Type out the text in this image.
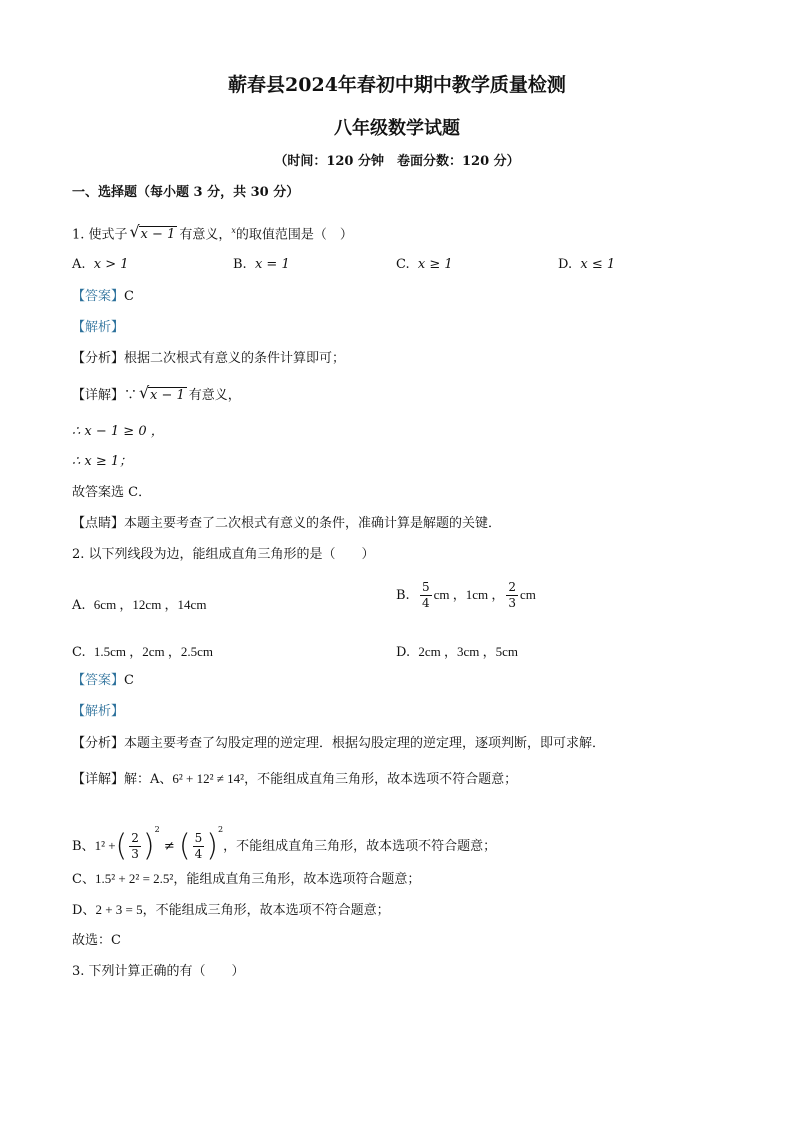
蕲春县2024年春初中期中教学质量检测
八年级数学试题
（时间：120 分钟　卷面分数：120 分）
一、选择题（每小题 3 分，共 30 分）
1. 使式子 √ x − 1 有意义，$^x$的取值范围是（　）
A. x > 1	B. x = 1	C. x ≥ 1	D. x ≤ 1
【答案】C
【解析】
【分析】根据二次根式有意义的条件计算即可；
【详解】∵ √ x − 1 有意义，
∴ x − 1 ≥ 0 ，
∴ x ≥ 1；
故答案选 C．
【点睛】本题主要考查了二次根式有意义的条件，准确计算是解题的关键．
2. 以下列线段为边，能组成直角三角形的是（　　）
A. 6cm ，12cm ，14cm
B. $\frac{5}{4}$ cm ，1cm ， $\frac{2}{3}$ cm
C. 1.5cm ，2cm ，2.5cm	D. 2cm ，3cm ，5cm
【答案】C
【解析】
【分析】本题主要考查了勾股定理的逆定理．根据勾股定理的逆定理，逐项判断，即可求解．
【详解】解：A、6² + 12² ≠ 14²，不能组成直角三角形，故本选项不符合题意；
B、1² +( $\frac{2}{3} )^2$ ≠ ( $\frac{5}{4} )^2$，不能组成直角三角形，故本选项不符合题意；
C、1.5² + 2² = 2.5²，能组成直角三角形，故本选项符合题意；
D、2 + 3 = 5，不能组成三角形，故本选项不符合题意；
故选：C
3. 下列计算正确的有（　　）
